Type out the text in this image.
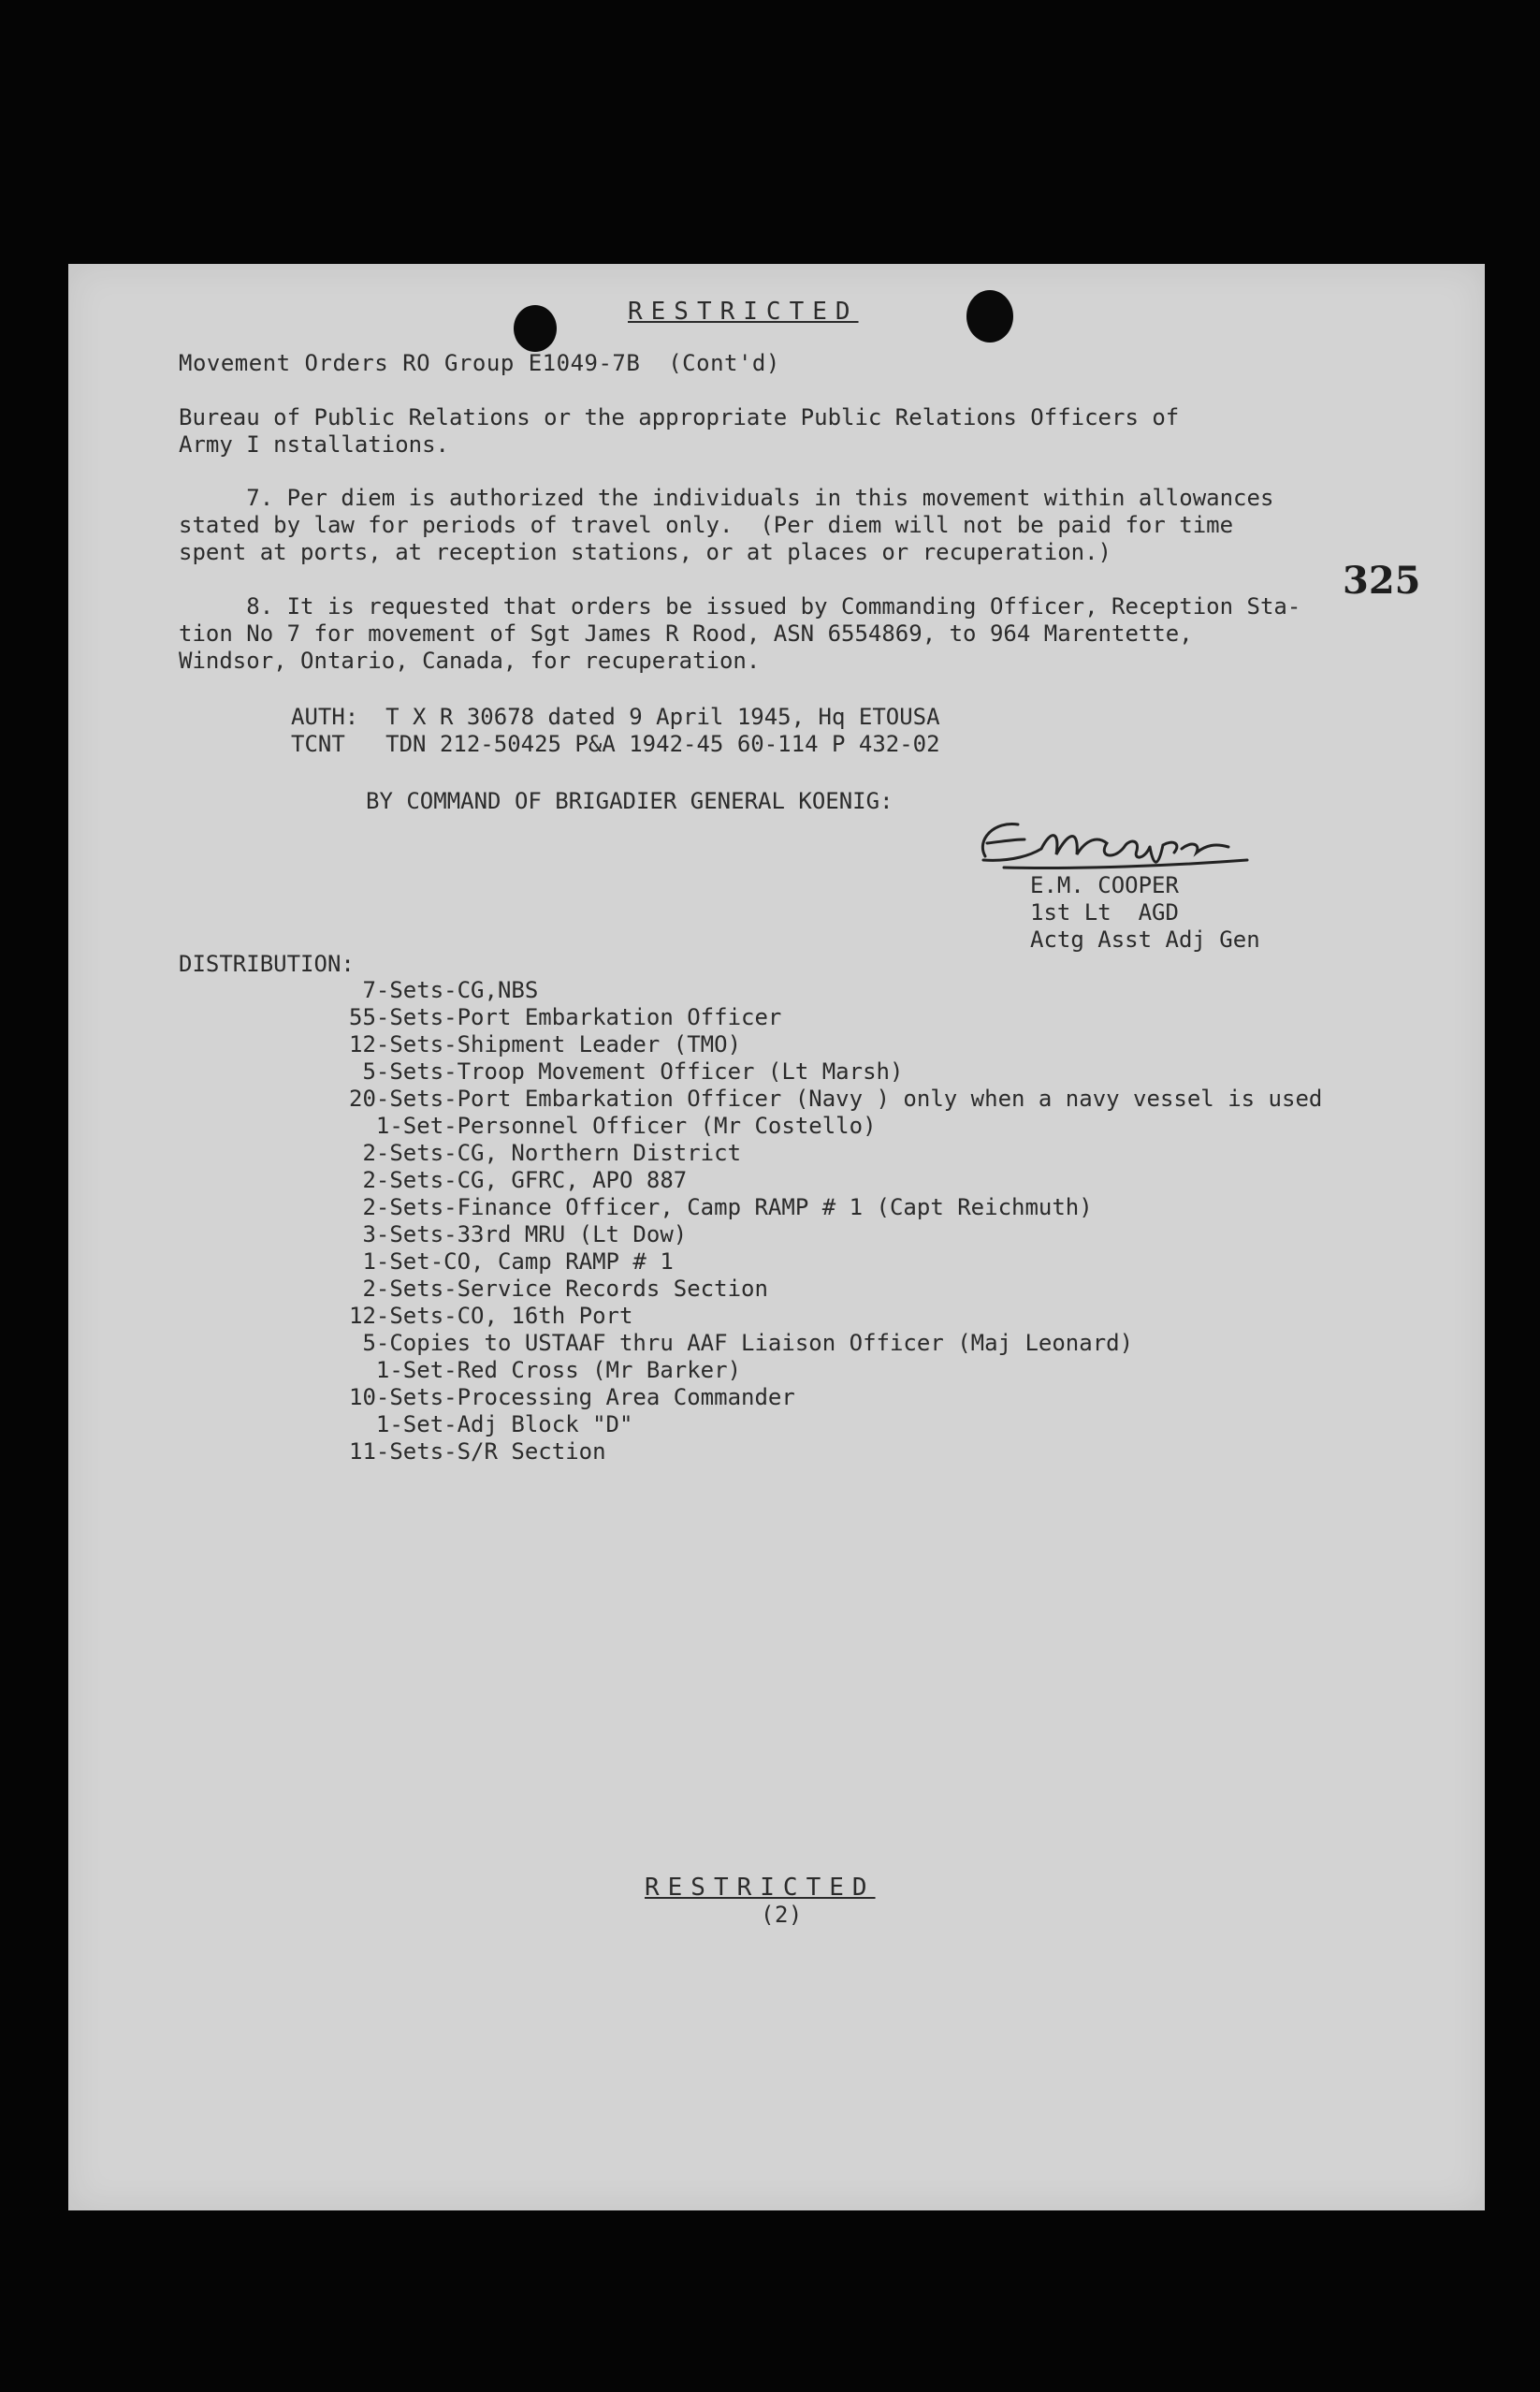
RESTRICTED
Movement Orders RO Group E1049-7B  (Cont'd)
Bureau of Public Relations or the appropriate Public Relations Officers of
Army I nstallations.
7. Per diem is authorized the individuals in this movement within allowances
stated by law for periods of travel only.  (Per diem will not be paid for time
spent at ports, at reception stations, or at places or recuperation.)
325
8. It is requested that orders be issued by Commanding Officer, Reception Sta-
tion No 7 for movement of Sgt James R Rood, ASN 6554869, to 964 Marentette,
Windsor, Ontario, Canada, for recuperation.
AUTH:  T X R 30678 dated 9 April 1945, Hq ETOUSA
TCNT   TDN 212-50425 P&A 1942-45 60-114 P 432-02
BY COMMAND OF BRIGADIER GENERAL KOENIG:
E.M. COOPER
1st Lt  AGD
Actg Asst Adj Gen
DISTRIBUTION:
7-Sets-CG,NBS
55-Sets-Port Embarkation Officer
12-Sets-Shipment Leader (TMO)
5-Sets-Troop Movement Officer (Lt Marsh)
20-Sets-Port Embarkation Officer (Navy ) only when a navy vessel is used
1-Set-Personnel Officer (Mr Costello)
2-Sets-CG, Northern District
2-Sets-CG, GFRC, APO 887
2-Sets-Finance Officer, Camp RAMP # 1 (Capt Reichmuth)
3-Sets-33rd MRU (Lt Dow)
1-Set-CO, Camp RAMP # 1
2-Sets-Service Records Section
12-Sets-CO, 16th Port
5-Copies to USTAAF thru AAF Liaison Officer (Maj Leonard)
1-Set-Red Cross (Mr Barker)
10-Sets-Processing Area Commander
1-Set-Adj Block "D"
11-Sets-S/R Section
RESTRICTED
(2)
